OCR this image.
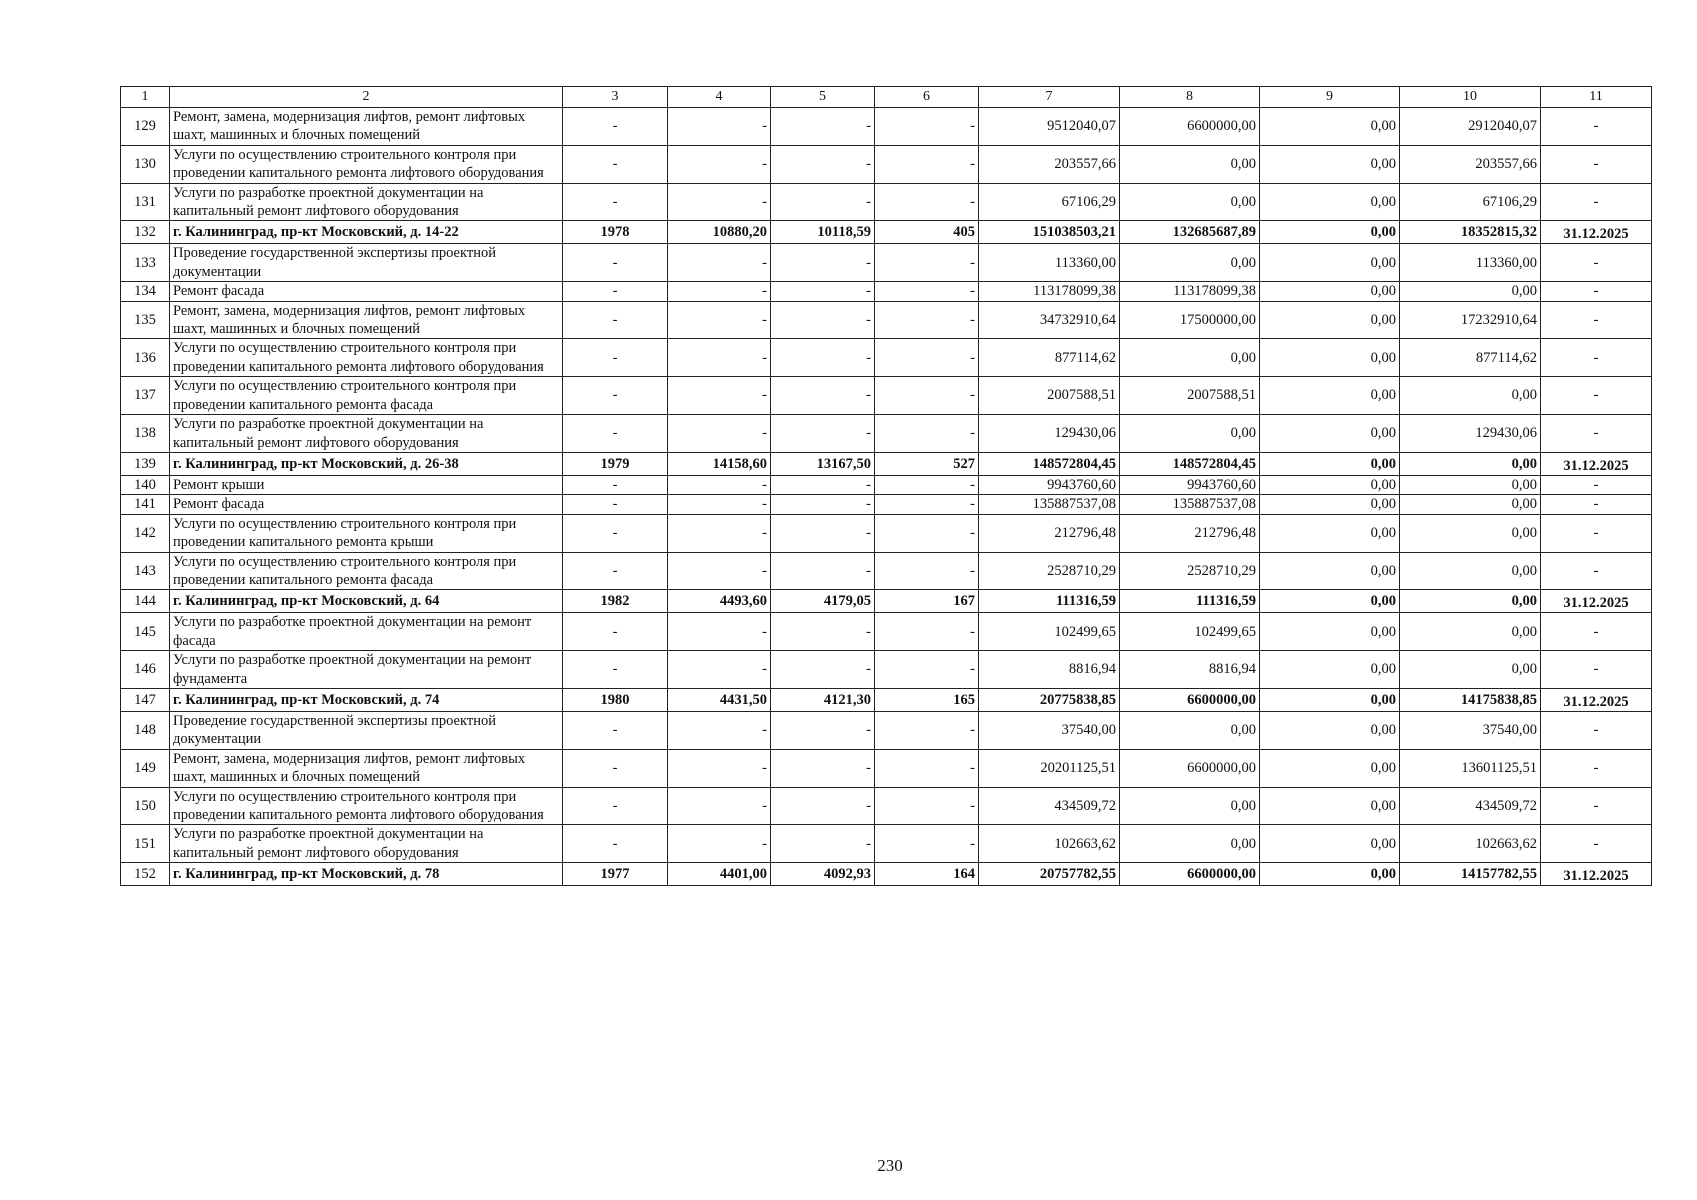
1	2	3	4	5	6	7	8	9	10	11
129	Ремонт, замена, модернизация лифтов, ремонт лифтовых шахт, машинных и блочных помещений	-	-	-	-	9512040,07	6600000,00	0,00	2912040,07	-
130	Услуги по осуществлению строительного контроля при проведении капитального ремонта лифтового оборудования	-	-	-	-	203557,66	0,00	0,00	203557,66	-
131	Услуги по разработке проектной документации на капитальный ремонт лифтового оборудования	-	-	-	-	67106,29	0,00	0,00	67106,29	-
132	г. Калининград, пр-кт Московский, д. 14-22	1978	10880,20	10118,59	405	151038503,21	132685687,89	0,00	18352815,32	31.12.2025
133	Проведение государственной экспертизы проектной документации	-	-	-	-	113360,00	0,00	0,00	113360,00	-
134	Ремонт фасада	-	-	-	-	113178099,38	113178099,38	0,00	0,00	-
135	Ремонт, замена, модернизация лифтов, ремонт лифтовых шахт, машинных и блочных помещений	-	-	-	-	34732910,64	17500000,00	0,00	17232910,64	-
136	Услуги по осуществлению строительного контроля при проведении капитального ремонта лифтового оборудования	-	-	-	-	877114,62	0,00	0,00	877114,62	-
137	Услуги по осуществлению строительного контроля при проведении капитального ремонта фасада	-	-	-	-	2007588,51	2007588,51	0,00	0,00	-
138	Услуги по разработке проектной документации на капитальный ремонт лифтового оборудования	-	-	-	-	129430,06	0,00	0,00	129430,06	-
139	г. Калининград, пр-кт Московский, д. 26-38	1979	14158,60	13167,50	527	148572804,45	148572804,45	0,00	0,00	31.12.2025
140	Ремонт крыши	-	-	-	-	9943760,60	9943760,60	0,00	0,00	-
141	Ремонт фасада	-	-	-	-	135887537,08	135887537,08	0,00	0,00	-
142	Услуги по осуществлению строительного контроля при проведении капитального ремонта крыши	-	-	-	-	212796,48	212796,48	0,00	0,00	-
143	Услуги по осуществлению строительного контроля при проведении капитального ремонта фасада	-	-	-	-	2528710,29	2528710,29	0,00	0,00	-
144	г. Калининград, пр-кт Московский, д. 64	1982	4493,60	4179,05	167	111316,59	111316,59	0,00	0,00	31.12.2025
145	Услуги по разработке проектной документации на ремонт фасада	-	-	-	-	102499,65	102499,65	0,00	0,00	-
146	Услуги по разработке проектной документации на ремонт фундамента	-	-	-	-	8816,94	8816,94	0,00	0,00	-
147	г. Калининград, пр-кт Московский, д. 74	1980	4431,50	4121,30	165	20775838,85	6600000,00	0,00	14175838,85	31.12.2025
148	Проведение государственной экспертизы проектной документации	-	-	-	-	37540,00	0,00	0,00	37540,00	-
149	Ремонт, замена, модернизация лифтов, ремонт лифтовых шахт, машинных и блочных помещений	-	-	-	-	20201125,51	6600000,00	0,00	13601125,51	-
150	Услуги по осуществлению строительного контроля при проведении капитального ремонта лифтового оборудования	-	-	-	-	434509,72	0,00	0,00	434509,72	-
151	Услуги по разработке проектной документации на капитальный ремонт лифтового оборудования	-	-	-	-	102663,62	0,00	0,00	102663,62	-
152	г. Калининград, пр-кт Московский, д. 78	1977	4401,00	4092,93	164	20757782,55	6600000,00	0,00	14157782,55	31.12.2025
230
